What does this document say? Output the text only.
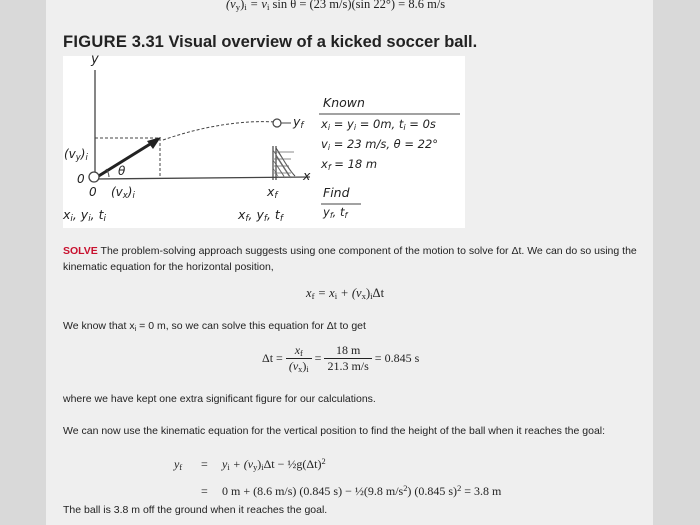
$(v_y)_i = v_i$ sin θ = (23 m/s)(sin 22°) = 8.6 m/s
FIGURE 3.31 Visual overview of a kicked soccer ball.
y
$(v_y)_i$
θ
0
0 $(v_x)_i$
$x_i$, $y_i$, $t_i$
$y_f$
$x_f$
x
$x_f$, $y_f$, $t_f$
Known
$x_i = y_i = 0m$, $t_i = 0s$
$v_i = 23$ m/s, θ = 22°
$x_f = 18$ m
Find
$y_f$, $t_f$

SOLVE The problem-solving approach suggests using one component of the motion to solve for Δt. We can do so using the kinematic equation for the horizontal position,

$x_f = x_i + (v_x)_i\Delta t$

We know that $x_i = 0$ m, so we can solve this equation for Δt to get

$\Delta t = \frac{x_f}{(v_x)_i} = \frac{18 m}{21.3 m/s} = 0.845$ s

where we have kept one extra significant figure for our calculations.

We can now use the kinematic equation for the vertical position to find the height of the ball when it reaches the goal:

$y_f = y_i + (v_y)_i\Delta t$ − $\frac{1}{2}g(\Delta t)^2$
= 0 m + (8.6 m/s) (0.845 s) − ½(9.8 $m/s^2$) (0.845 s)$^2$ = 3.8 m

The ball is 3.8 m off the ground when it reaches the goal.
